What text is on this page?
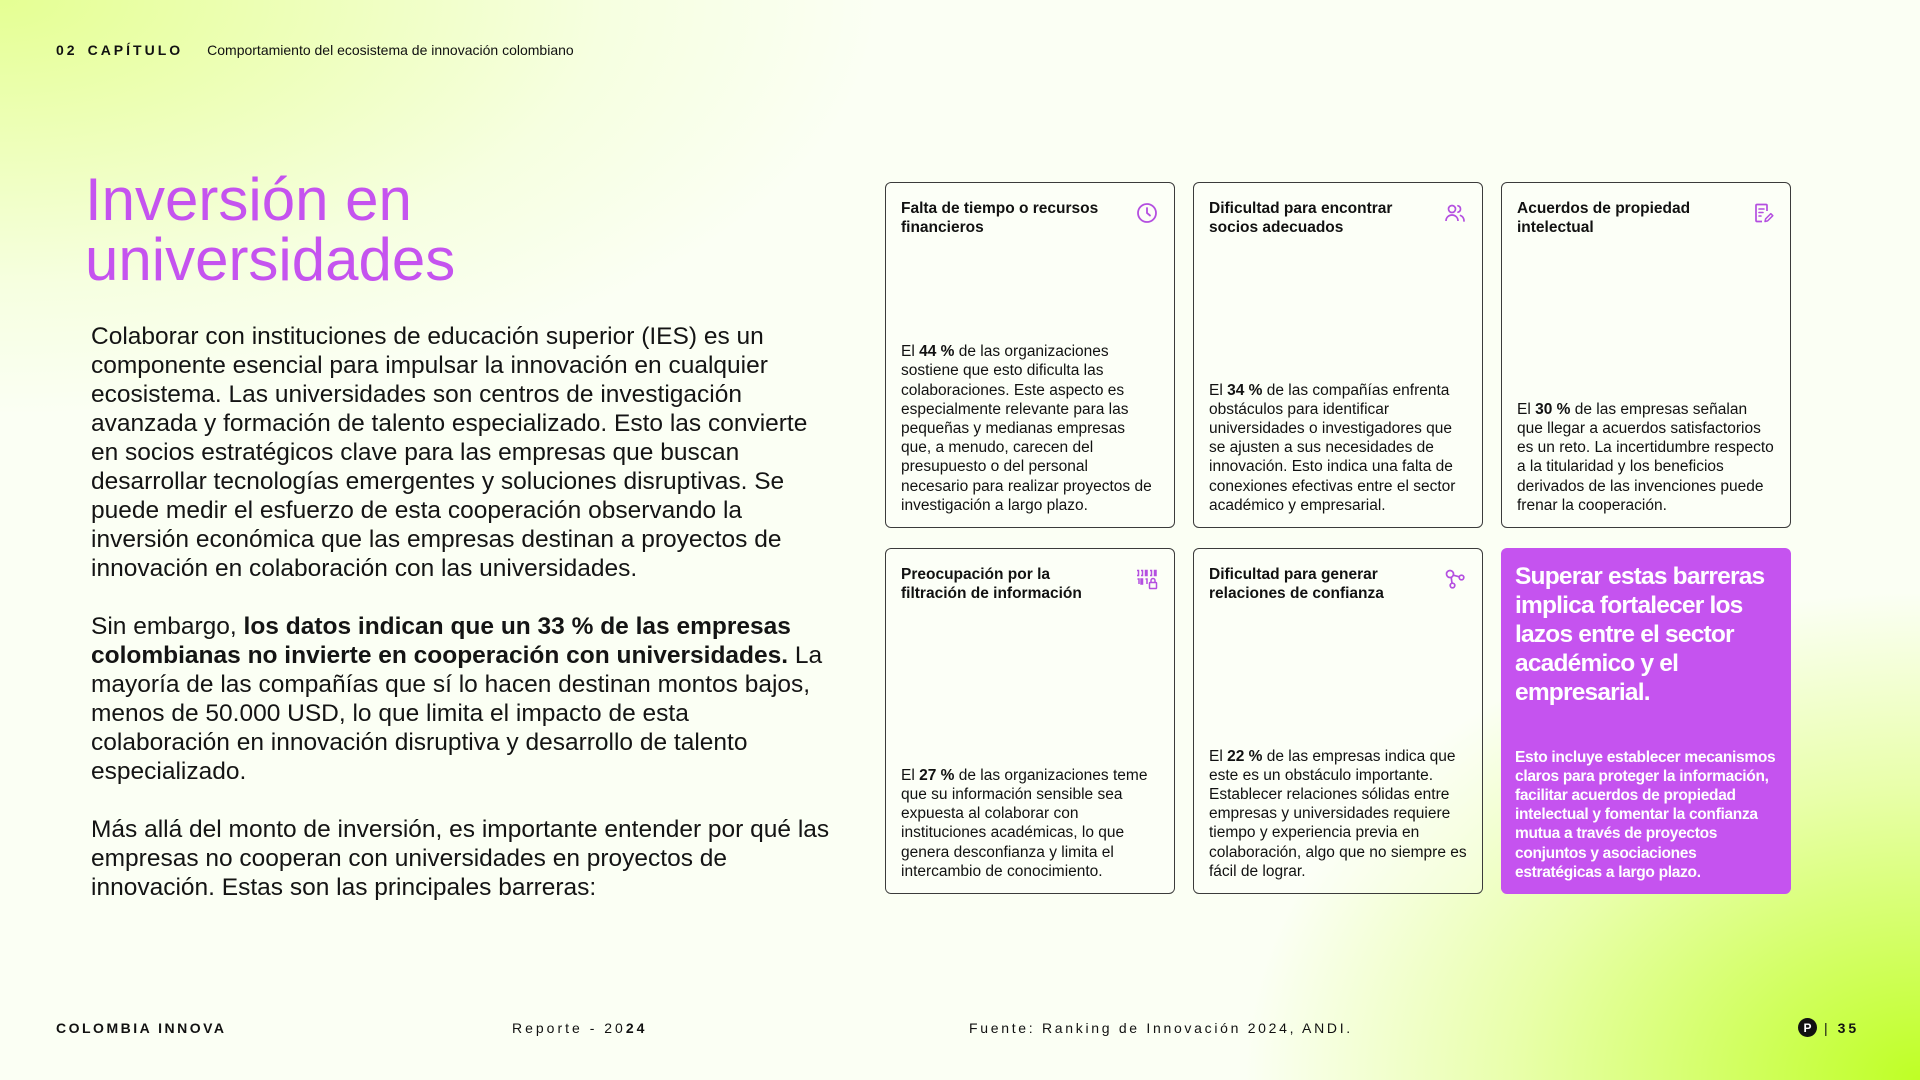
02 CAPÍTULO Comportamiento del ecosistema de innovación colombiano
Inversión en
universidades

Colaborar con instituciones de educación superior (IES) es un componente esencial para impulsar la innovación en cualquier ecosistema. Las universidades son centros de investigación avanzada y formación de talento especializado. Esto las convierte en socios estratégicos clave para las empresas que buscan desarrollar tecnologías emergentes y soluciones disruptivas. Se puede medir el esfuerzo de esta cooperación observando la inversión económica que las empresas destinan a proyectos de innovación en colaboración con las universidades.

Sin embargo, los datos indican que un 33 % de las empresas colombianas no invierte en cooperación con universidades. La mayoría de las compañías que sí lo hacen destinan montos bajos, menos de 50.000 USD, lo que limita el impacto de esta colaboración en innovación disruptiva y desarrollo de talento especializado.

Más allá del monto de inversión, es importante entender por qué las empresas no cooperan con universidades en proyectos de innovación. Estas son las principales barreras:

Falta de tiempo o recursos financieros
El 44 % de las organizaciones sostiene que esto dificulta las colaboraciones. Este aspecto es especialmente relevante para las pequeñas y medianas empresas que, a menudo, carecen del presupuesto o del personal necesario para realizar proyectos de investigación a largo plazo.
Dificultad para encontrar socios adecuados
El 34 % de las compañías enfrenta obstáculos para identificar universidades o investigadores que se ajusten a sus necesidades de innovación. Esto indica una falta de conexiones efectivas entre el sector académico y empresarial.
Acuerdos de propiedad intelectual
El 30 % de las empresas señalan que llegar a acuerdos satisfactorios es un reto. La incertidumbre respecto a la titularidad y los beneficios derivados de las invenciones puede frenar la cooperación.
Preocupación por la filtración de información
El 27 % de las organizaciones teme que su información sensible sea expuesta al colaborar con instituciones académicas, lo que genera desconfianza y limita el intercambio de conocimiento.
Dificultad para generar relaciones de confianza
El 22 % de las empresas indica que este es un obstáculo importante. Establecer relaciones sólidas entre empresas y universidades requiere tiempo y experiencia previa en colaboración, algo que no siempre es fácil de lograr.
Superar estas barreras implica fortalecer los lazos entre el sector académico y el empresarial.
Esto incluye establecer mecanismos claros para proteger la información, facilitar acuerdos de propiedad intelectual y fomentar la confianza mutua a través de proyectos conjuntos y asociaciones estratégicas a largo plazo.
COLOMBIA INNOVA	Reporte - 2024	Fuente: Ranking de Innovación 2024, ANDI.	P | 35
